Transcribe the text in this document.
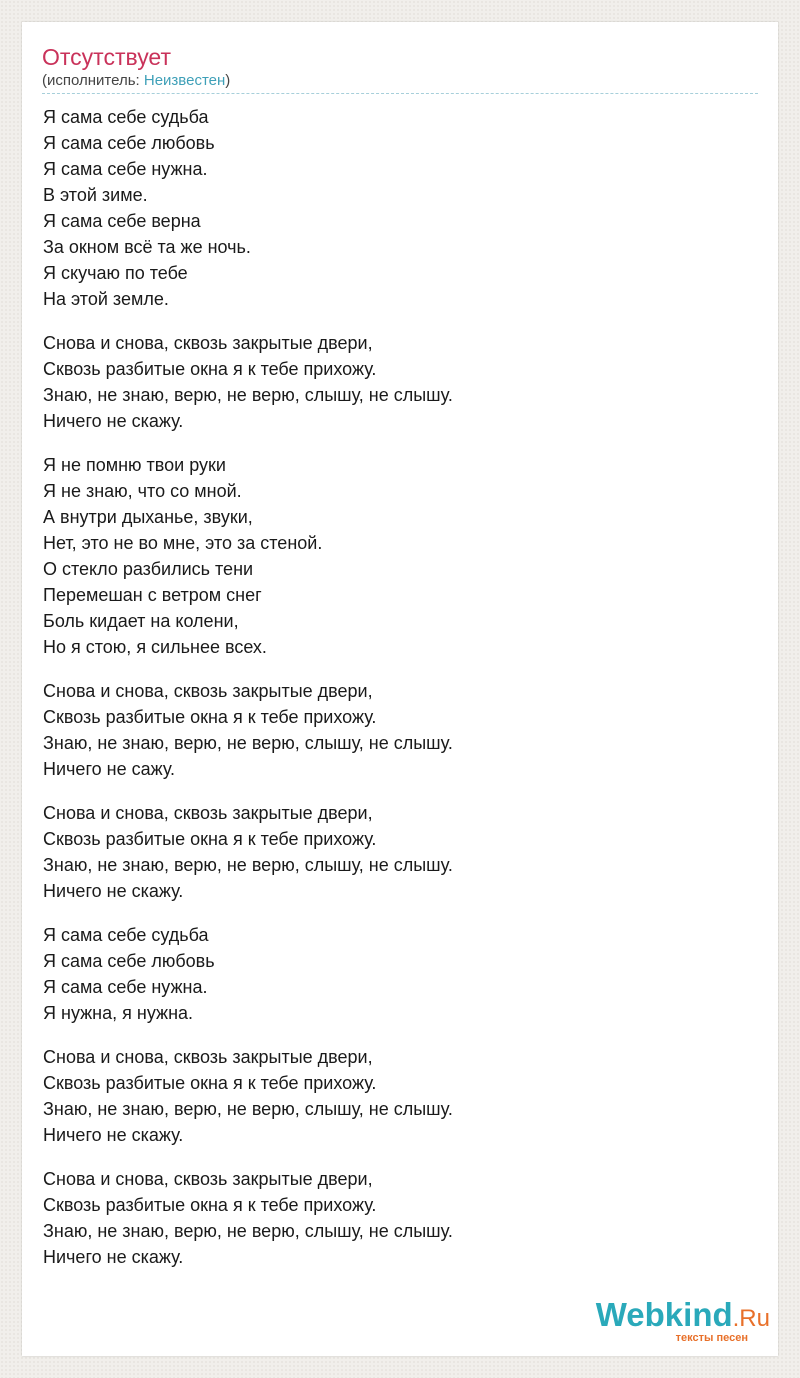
Отсутствует
(исполнитель: Неизвестен)
Я сама себе судьба
Я сама себе любовь
Я сама себе нужна.
В этой зиме.
Я сама себе верна
За окном всё та же ночь.
Я скучаю по тебе
На этой земле.
Снова и снова, сквозь закрытые двери,
Сквозь разбитые окна я к тебе прихожу.
Знаю, не знаю, верю, не верю, слышу, не слышу.
Ничего не скажу.
Я не помню твои руки
Я не знаю, что со мной.
А внутри дыханье, звуки,
Нет, это не во мне, это за стеной.
О стекло разбились тени
Перемешан с ветром снег
Боль кидает на колени,
Но я стою, я сильнее всех.
Снова и снова, сквозь закрытые двери,
Сквозь разбитые окна я к тебе прихожу.
Знаю, не знаю, верю, не верю, слышу, не слышу.
Ничего не сажу.
Снова и снова, сквозь закрытые двери,
Сквозь разбитые окна я к тебе прихожу.
Знаю, не знаю, верю, не верю, слышу, не слышу.
Ничего не скажу.
Я сама себе судьба
Я сама себе любовь
Я сама себе нужна.
Я нужна, я нужна.
Снова и снова, сквозь закрытые двери,
Сквозь разбитые окна я к тебе прихожу.
Знаю, не знаю, верю, не верю, слышу, не слышу.
Ничего не скажу.
Снова и снова, сквозь закрытые двери,
Сквозь разбитые окна я к тебе прихожу.
Знаю, не знаю, верю, не верю, слышу, не слышу.
Ничего не скажу.
Webkind.Ru
тексты песен
